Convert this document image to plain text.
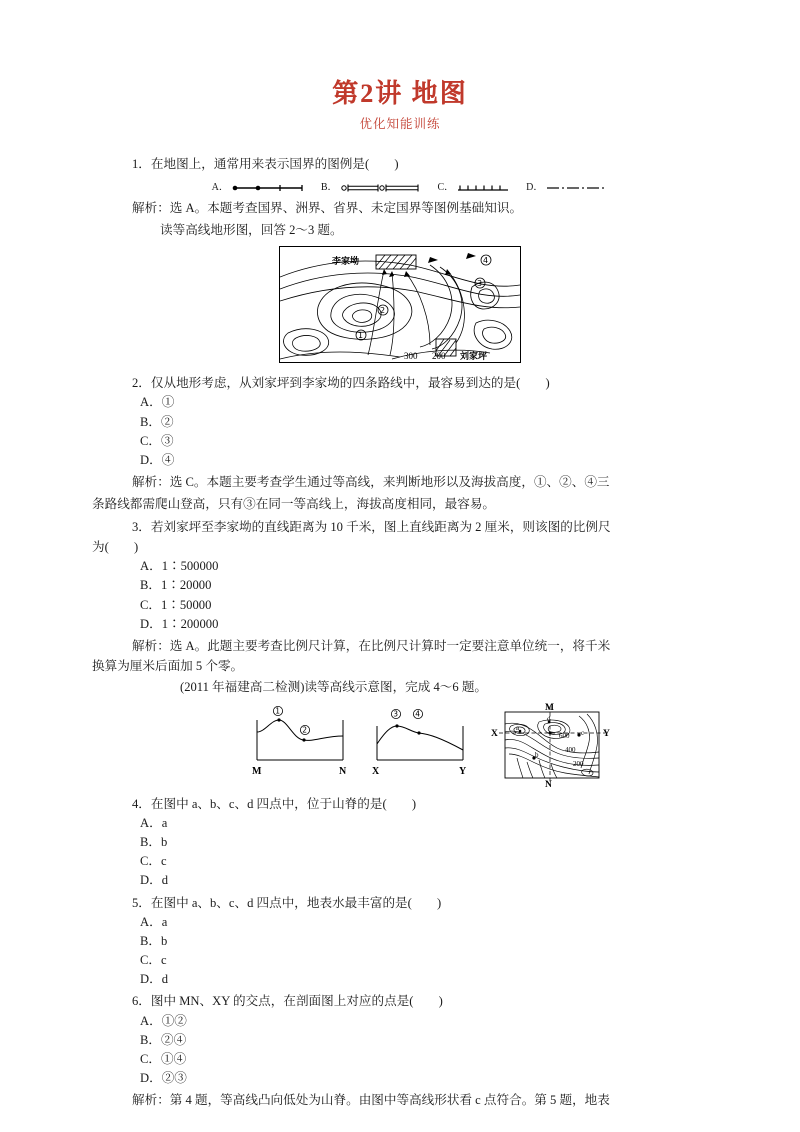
第2讲 地图
优化知能训练
1．在地图上，通常用来表示国界的图例是(　　)
A．	B．	C．	D．
解析：选 A。本题考查国界、洲界、省界、未定国界等图例基础知识。
读等高线地形图，回答 2～3 题。
李家坳
刘家坪
300 200
1
2
3
4
2．仅从地形考虑，从刘家坪到李家坳的四条路线中，最容易到达的是(　　)
A．①
B．②
C．③
D．④
解析：选 C。本题主要考查学生通过等高线，来判断地形以及海拔高度，①、②、④三
条路线都需爬山登高，只有③在同一等高线上，海拔高度相同，最容易。
3．若刘家坪至李家坳的直线距离为 10 千米，图上直线距离为 2 厘米，则该图的比例尺
为(　　)
A．1∶500000
B．1∶20000
C．1∶50000
D．1∶200000
解析：选 A。此题主要考查比例尺计算，在比例尺计算时一定要注意单位统一，将千米
换算为厘米后面加 5 个零。
(2011 年福建高二检测)读等高线示意图，完成 4～6 题。
1
2
M	N
3 4
X	Y
M
N
X	Y
a
b
c
d
600
400
200
4．在图中 a、b、c、d 四点中，位于山脊的是(　　)
A．a
B．b
C．c
D．d
5．在图中 a、b、c、d 四点中，地表水最丰富的是(　　)
A．a
B．b
C．c
D．d
6．图中 MN、XY 的交点，在剖面图上对应的点是(　　)
A．①②
B．②④
C．①④
D．②③
解析：第 4 题，等高线凸向低处为山脊。由图中等高线形状看 c 点符合。第 5 题，地表
